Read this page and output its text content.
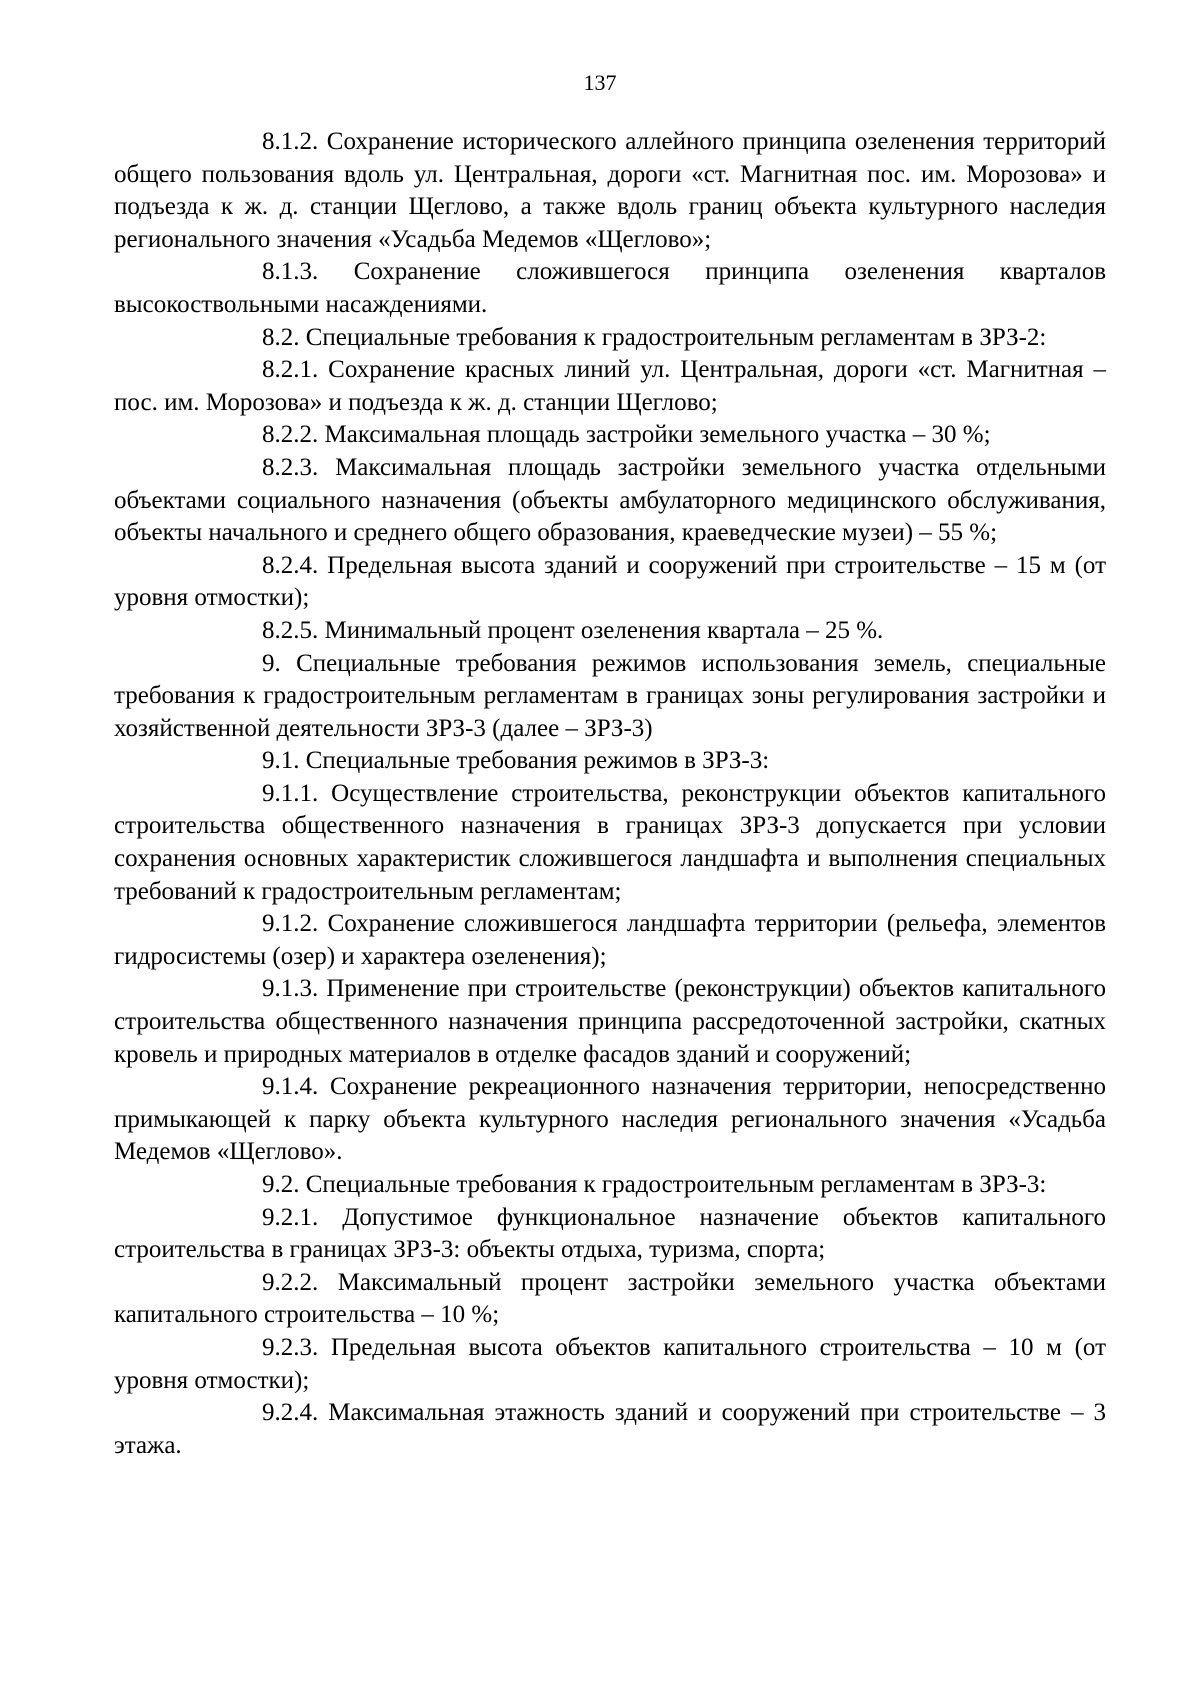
137

8.1.2. Сохранение исторического аллейного принципа озеленения территорий общего пользования вдоль ул. Центральная, дороги «ст. Магнитная пос. им. Морозова» и подъезда к ж. д. станции Щеглово, а также вдоль границ объекта культурного наследия регионального значения «Усадьба Медемов «Щеглово»;

8.1.3. Сохранение сложившегося принципа озеленения кварталов высокоствольными насаждениями.

8.2. Специальные требования к градостроительным регламентам в ЗРЗ-2:

8.2.1. Сохранение красных линий ул. Центральная, дороги «ст. Магнитная – пос. им. Морозова» и подъезда к ж. д. станции Щеглово;

8.2.2. Максимальная площадь застройки земельного участка – 30 %;

8.2.3. Максимальная площадь застройки земельного участка отдельными объектами социального назначения (объекты амбулаторного медицинского обслуживания, объекты начального и среднего общего образования, краеведческие музеи) – 55 %;

8.2.4. Предельная высота зданий и сооружений при строительстве – 15 м (от уровня отмостки);

8.2.5. Минимальный процент озеленения квартала – 25 %.

9. Специальные требования режимов использования земель, специальные требования к градостроительным регламентам в границах зоны регулирования застройки и хозяйственной деятельности ЗРЗ-3 (далее – ЗРЗ-3)

9.1. Специальные требования режимов в ЗРЗ-3:

9.1.1. Осуществление строительства, реконструкции объектов капитального строительства общественного назначения в границах ЗРЗ-3 допускается при условии сохранения основных характеристик сложившегося ландшафта и выполнения специальных требований к градостроительным регламентам;

9.1.2. Сохранение сложившегося ландшафта территории (рельефа, элементов гидросистемы (озер) и характера озеленения);

9.1.3. Применение при строительстве (реконструкции) объектов капитального строительства общественного назначения принципа рассредоточенной застройки, скатных кровель и природных материалов в отделке фасадов зданий и сооружений;

9.1.4. Сохранение рекреационного назначения территории, непосредственно примыкающей к парку объекта культурного наследия регионального значения «Усадьба Медемов «Щеглово».

9.2. Специальные требования к градостроительным регламентам в ЗРЗ-3:

9.2.1. Допустимое функциональное назначение объектов капитального строительства в границах ЗРЗ-3: объекты отдыха, туризма, спорта;

9.2.2. Максимальный процент застройки земельного участка объектами капитального строительства – 10 %;

9.2.3. Предельная высота объектов капитального строительства – 10 м (от уровня отмостки);

9.2.4. Максимальная этажность зданий и сооружений при строительстве – 3 этажа.
